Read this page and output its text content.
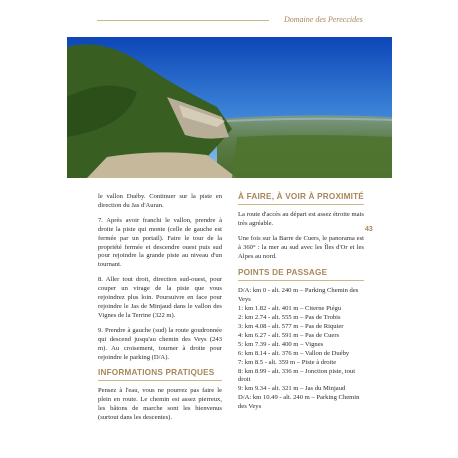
Domaine des Pereccides
43

le vallon Duéby. Continuer sur la piste en direction du Jas d'Auran.

7. Après avoir franchi le vallon, prendre à droite la piste qui monte (celle de gauche est fermée par un portail). Faire le tour de la propriété fermée et descendre ouest puis sud pour rejoindre la grande piste au niveau d'un tournant.

8. Aller tout droit, direction sud-ouest, pour couper un virage de la piste que vous rejoindrez plus loin. Poursuivre en face pour rejoindre le Jas de Minjaud dans le vallon des Vignes de la Terrine (322 m).

9. Prendre à gauche (sud) la route goudronnée qui descend jusqu'au chemin des Veys (243 m). Au croisement, tourner à droite pour rejoindre le parking (D/A).

INFORMATIONS PRATIQUES

Pensez à l'eau, vous ne pourrez pas faire le plein en route. Le chemin est assez pierreux, les bâtons de marche sont les bienvenus (surtout dans les descentes).

À FAIRE, À VOIR À PROXIMITÉ

La route d'accès au départ est assez étroite mais très agréable.

Une fois sur la Barre de Cuers, le panorama est à 360° : la mer au sud avec les Îles d'Or et les Alpes au nord.

POINTS DE PASSAGE
D/A: km 0 - alt. 240 m – Parking Chemin des Veys
1: km 1.82 - alt. 401 m – Citerne Piégu
2: km 2.74 - alt. 555 m – Pas de Trobis
3: km 4.08 - alt. 577 m – Pas de Riquier
4: km 6.27 - alt. 591 m – Pas de Cuers
5: km 7.39 - alt. 400 m – Vignes
6: km 8.14 - alt. 376 m – Vallon de Duéby
7: km 8.5 - alt. 359 m – Piste à droite
8: km 8.99 - alt. 336 m – Jonction piste, tout droit
9: km 9.34 - alt. 321 m – Jas du Minjaud
D/A: km 10.49 - alt. 240 m – Parking Chemin des Veys
